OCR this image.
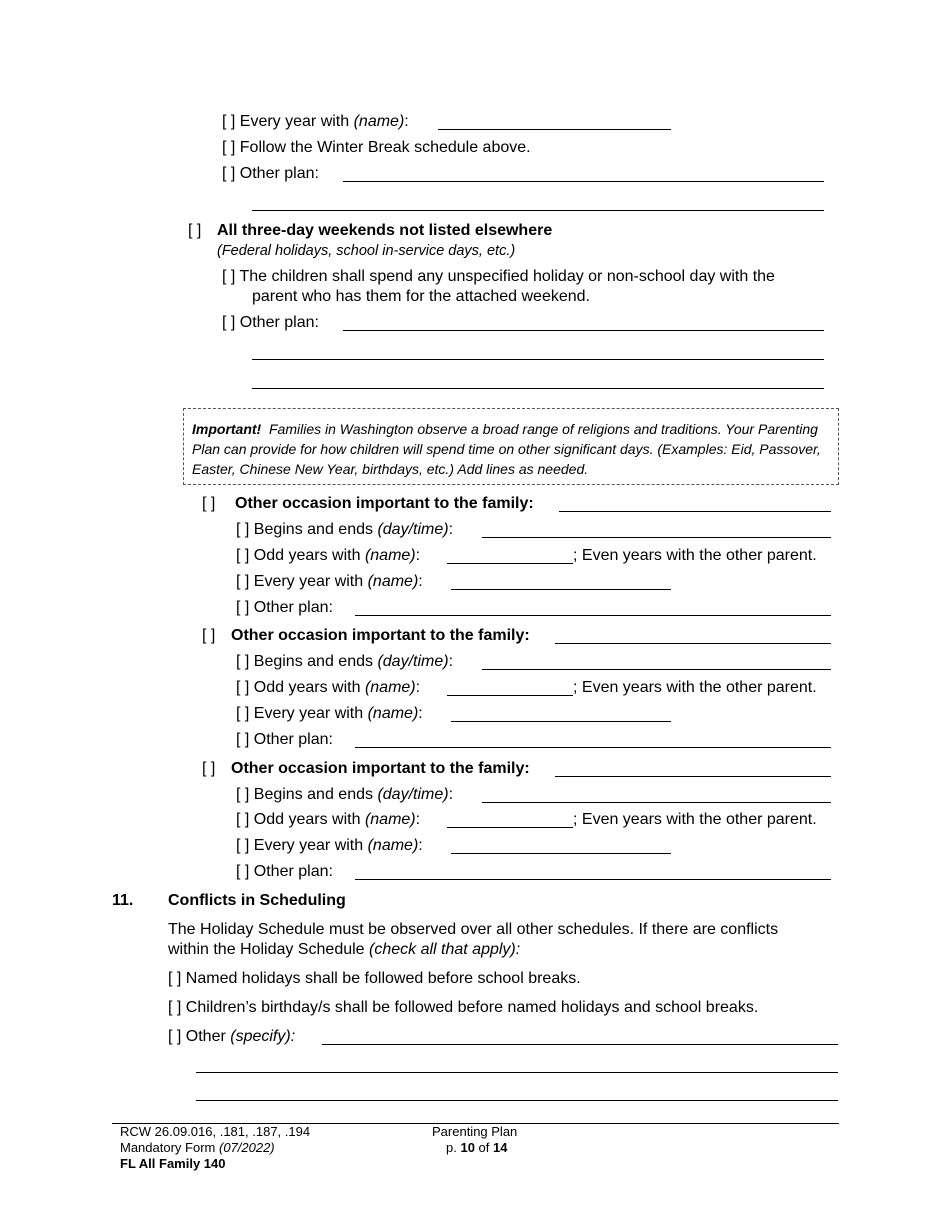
[ ] Every year with (name):
[ ] Follow the Winter Break schedule above.
[ ] Other plan:
[ ] All three-day weekends not listed elsewhere
(Federal holidays, school in-service days, etc.)
[ ] The children shall spend any unspecified holiday or non-school day with the
parent who has them for the attached weekend.
[ ] Other plan:
Important! Families in Washington observe a broad range of religions and traditions. Your Parenting Plan can provide for how children will spend time on other significant days. (Examples: Eid, Passover, Easter, Chinese New Year, birthdays, etc.) Add lines as needed.
[ ] Other occasion important to the family:
[ ] Begins and ends (day/time):
[ ] Odd years with (name):	; Even years with the other parent.
[ ] Every year with (name):
[ ] Other plan:
[ ] Other occasion important to the family:
[ ] Begins and ends (day/time):
[ ] Odd years with (name):	; Even years with the other parent.
[ ] Every year with (name):
[ ] Other plan:
[ ] Other occasion important to the family:
[ ] Begins and ends (day/time):
[ ] Odd years with (name):	; Even years with the other parent.
[ ] Every year with (name):
[ ] Other plan:
11. Conflicts in Scheduling
The Holiday Schedule must be observed over all other schedules. If there are conflicts
within the Holiday Schedule (check all that apply):
[ ] Named holidays shall be followed before school breaks.
[ ] Children’s birthday/s shall be followed before named holidays and school breaks.
[ ] Other (specify):
RCW 26.09.016, .181, .187, .194
Mandatory Form (07/2022)
FL All Family 140
Parenting Plan
p. 10 of 14
